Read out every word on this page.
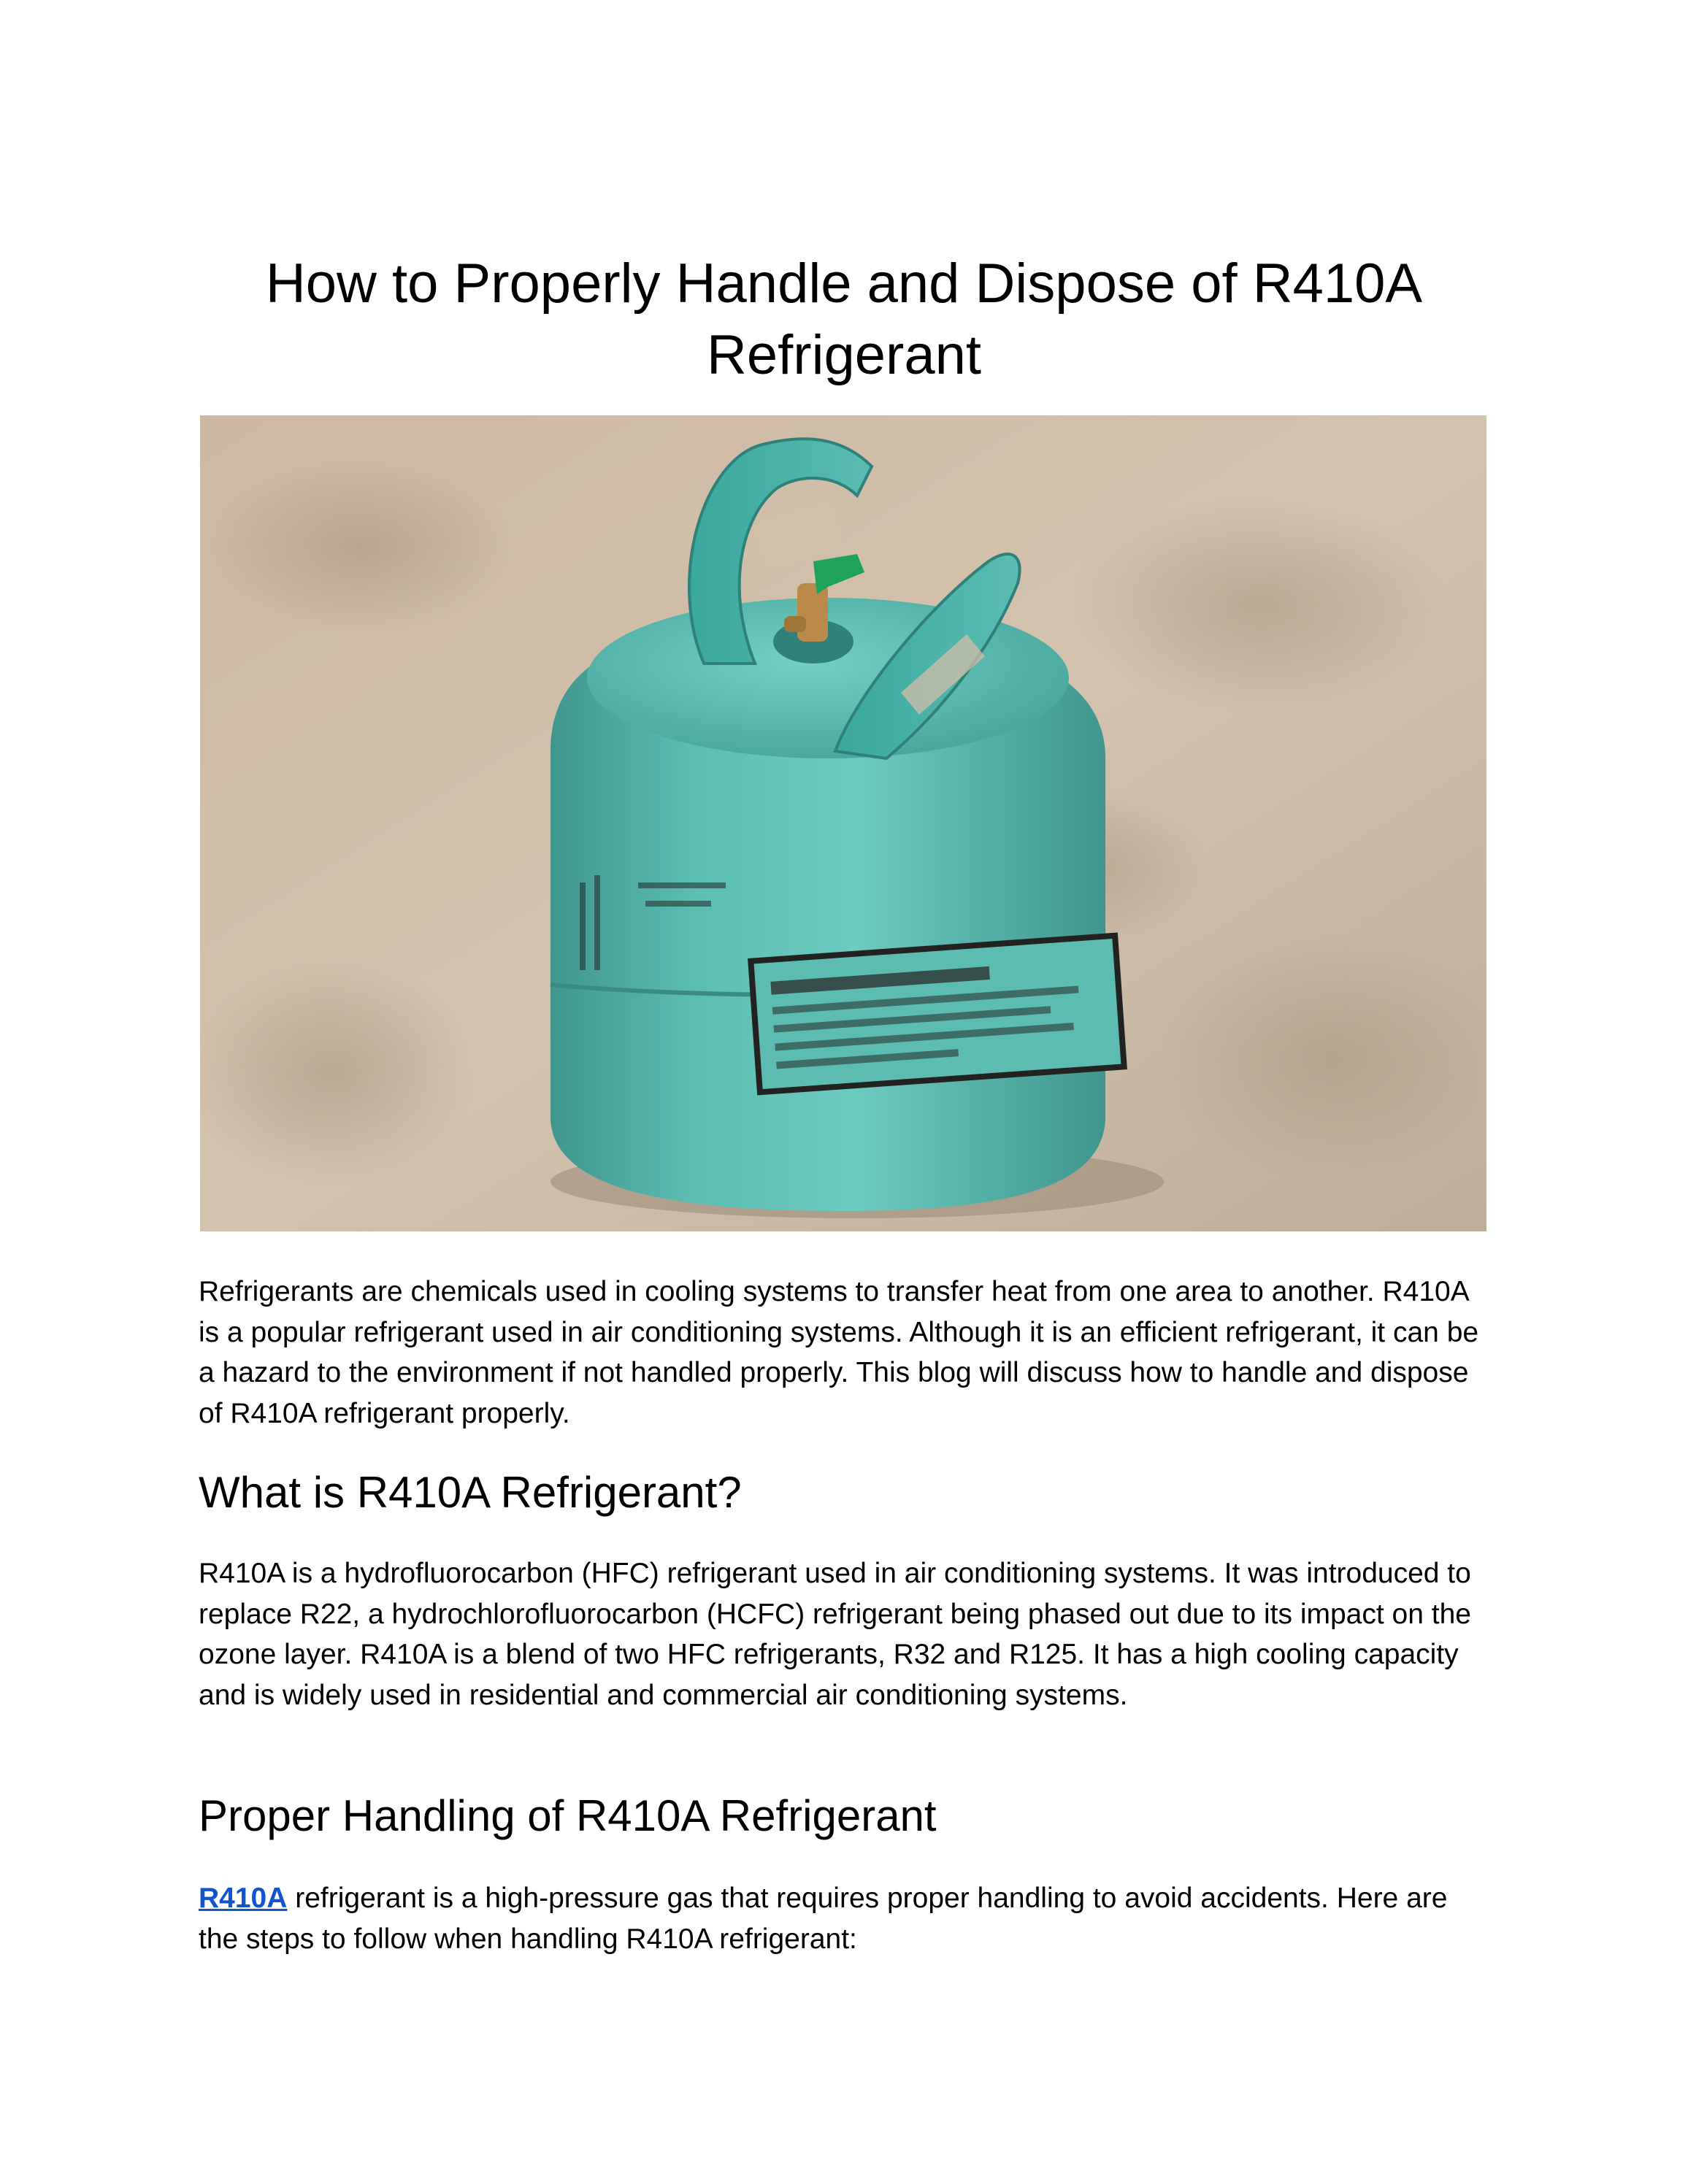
How to Properly Handle and Dispose of R410A Refrigerant

Refrigerants are chemicals used in cooling systems to transfer heat from one area to another. R410A is a popular refrigerant used in air conditioning systems. Although it is an efficient refrigerant, it can be a hazard to the environment if not handled properly. This blog will discuss how to handle and dispose of R410A refrigerant properly.

What is R410A Refrigerant?

R410A is a hydrofluorocarbon (HFC) refrigerant used in air conditioning systems. It was introduced to replace R22, a hydrochlorofluorocarbon (HCFC) refrigerant being phased out due to its impact on the ozone layer. R410A is a blend of two HFC refrigerants, R32 and R125. It has a high cooling capacity and is widely used in residential and commercial air conditioning systems.

Proper Handling of R410A Refrigerant

R410A refrigerant is a high-pressure gas that requires proper handling to avoid accidents. Here are the steps to follow when handling R410A refrigerant:
